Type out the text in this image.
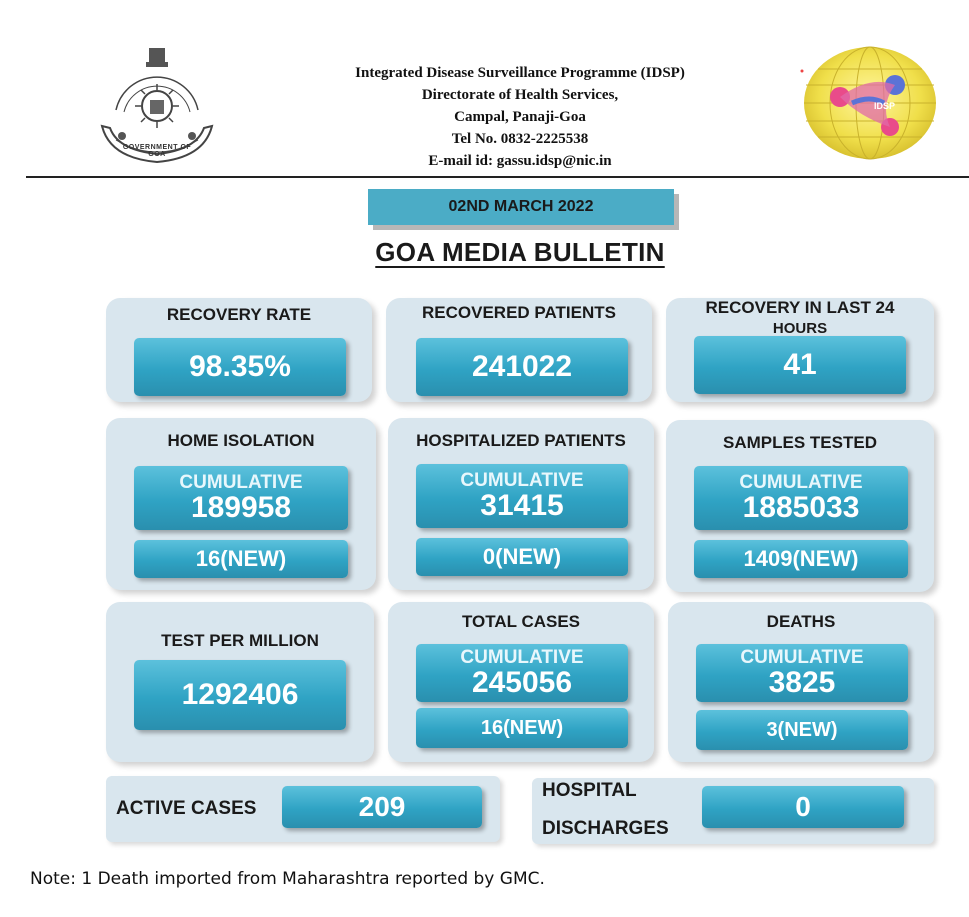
GOVERNMENT OF GOA
Integrated Disease Surveillance Programme (IDSP)
Directorate of Health Services,
Campal, Panaji-Goa
Tel No. 0832-2225538
E-mail id: gassu.idsp@nic.in
IDSP
02ND MARCH 2022
GOA MEDIA BULLETIN
RECOVERY RATE
98.35%
RECOVERED PATIENTS
241022
RECOVERY IN LAST 24
HOURS
41
HOME ISOLATION
CUMULATIVE
189958
16(NEW)
HOSPITALIZED PATIENTS
CUMULATIVE
31415
0(NEW)
SAMPLES TESTED
CUMULATIVE
1885033
1409(NEW)
TEST PER MILLION
1292406
TOTAL CASES
CUMULATIVE
245056
16(NEW)
DEATHS
CUMULATIVE
3825
3(NEW)
ACTIVE CASES	209
HOSPITAL
DISCHARGES
0
Note: 1 Death imported from Maharashtra reported by GMC.
